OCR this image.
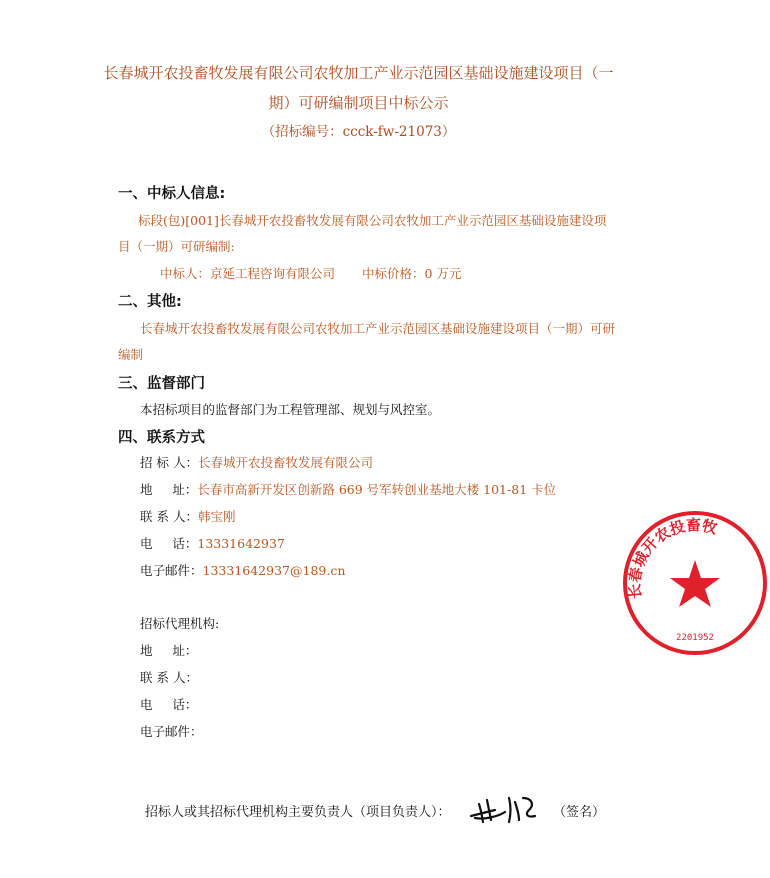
长春城开农投畜牧发展有限公司农牧加工产业示范园区基础设施建设项目（一
期）可研编制项目中标公示
（招标编号：ccck-fw-21073）
一、中标人信息:
标段(包)[001]长春城开农投畜牧发展有限公司农牧加工产业示范园区基础设施建设项
目（一期）可研编制:
中标人：京延工程咨询有限公司 中标价格：0 万元
二、其他:
长春城开农投畜牧发展有限公司农牧加工产业示范园区基础设施建设项目（一期）可研
编制
三、监督部门
本招标项目的监督部门为工程管理部、规划与风控室。
四、联系方式
招 标 人：长春城开农投畜牧发展有限公司
地     址：长春市高新开发区创新路 669 号军转创业基地大楼 101-81 卡位
联 系 人：韩宝刚
电     话：13331642937
电子邮件：13331642937@189.cn
招标代理机构:
地     址：
联 系 人：
电     话：
电子邮件：
招标人或其招标代理机构主要负责人（项目负责人）：	（签名）
长春城开农投畜牧
2201952
